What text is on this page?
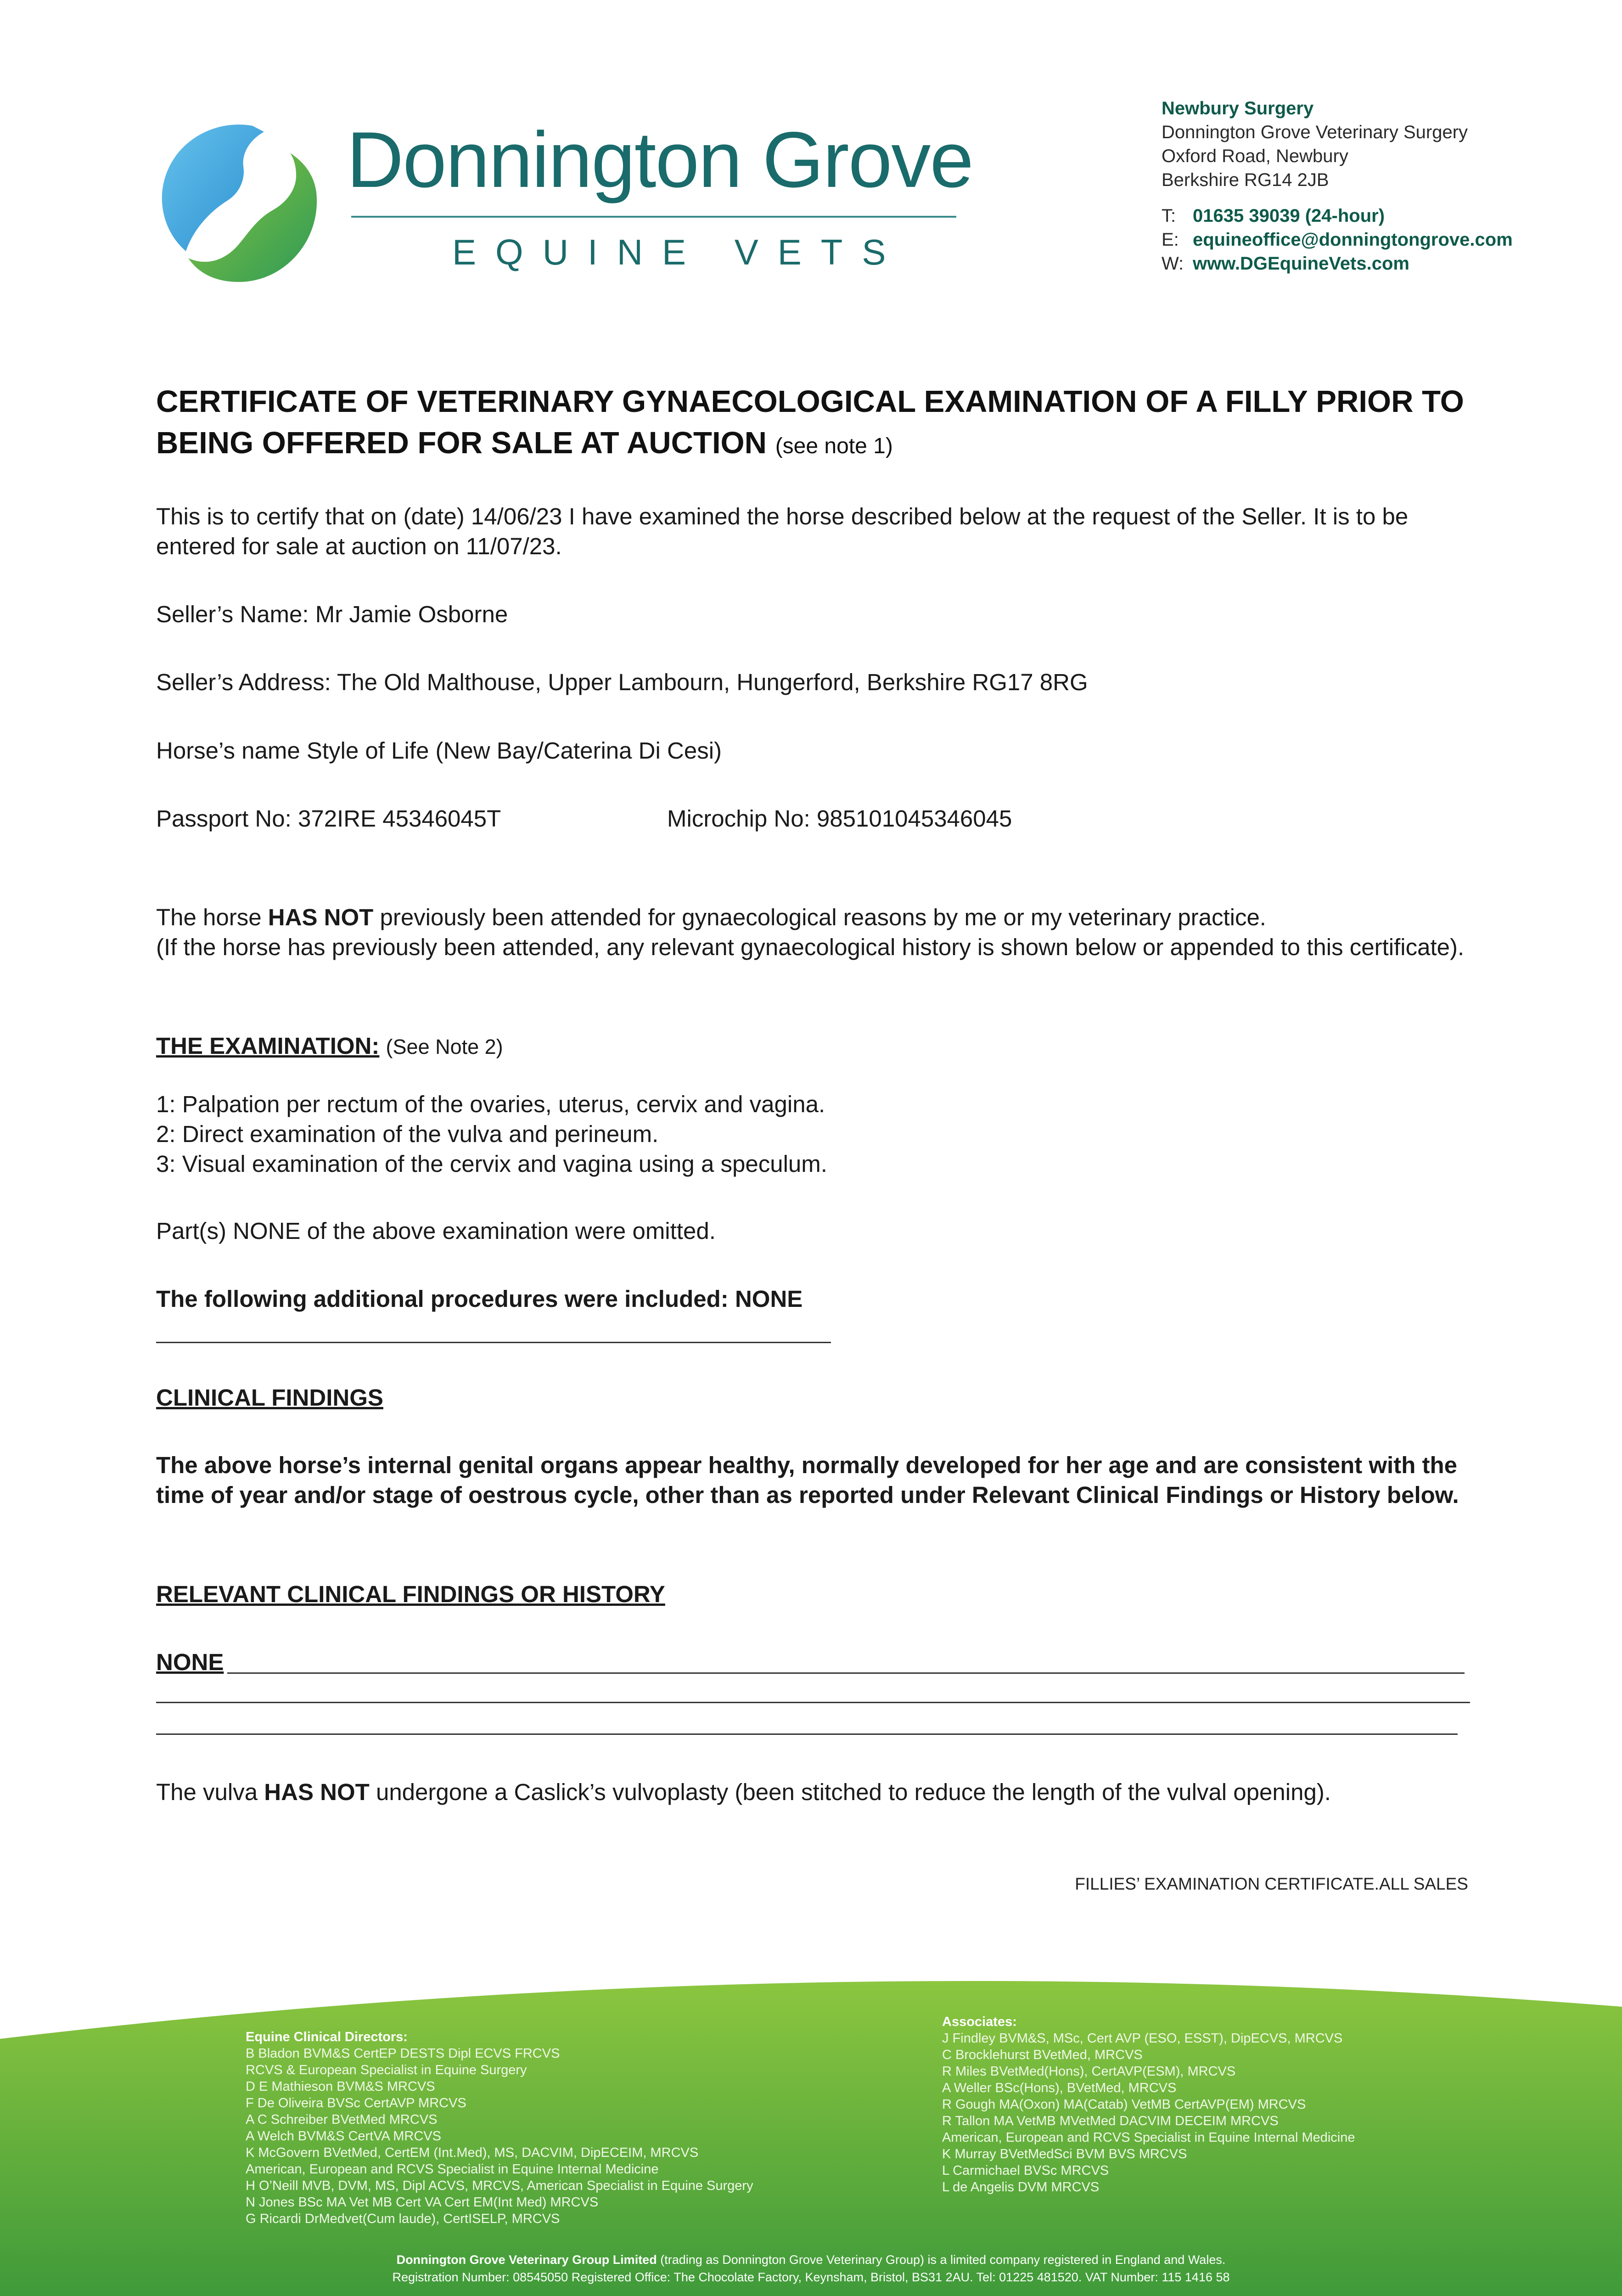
Donnington Grove
EQUINE VETS
Newbury Surgery
Donnington Grove Veterinary Surgery
Oxford Road, Newbury
Berkshire RG14 2JB
T: 01635 39039 (24-hour)
E: equineoffice@donningtongrove.com
W: www.DGEquineVets.com
CERTIFICATE OF VETERINARY GYNAECOLOGICAL EXAMINATION OF A FILLY PRIOR TO BEING OFFERED FOR SALE AT AUCTION (see note 1)
This is to certify that on (date) 14/06/23 I have examined the horse described below at the request of the Seller. It is to be entered for sale at auction on 11/07/23.
Seller’s Name: Mr Jamie Osborne
Seller’s Address: The Old Malthouse, Upper Lambourn, Hungerford, Berkshire RG17 8RG
Horse’s name Style of Life (New Bay/Caterina Di Cesi)
Passport No: 372IRE 45346045T	Microchip No: 985101045346045
The horse HAS NOT previously been attended for gynaecological reasons by me or my veterinary practice.
(If the horse has previously been attended, any relevant gynaecological history is shown below or appended to this certificate).
THE EXAMINATION: (See Note 2)
1: Palpation per rectum of the ovaries, uterus, cervix and vagina.
2: Direct examination of the vulva and perineum.
3: Visual examination of the cervix and vagina using a speculum.
Part(s) NONE of the above examination were omitted.
The following additional procedures were included: NONE
CLINICAL FINDINGS
The above horse’s internal genital organs appear healthy, normally developed for her age and are consistent with the time of year and/or stage of oestrous cycle, other than as reported under Relevant Clinical Findings or History below.
RELEVANT CLINICAL FINDINGS OR HISTORY
NONE
The vulva HAS NOT undergone a Caslick’s vulvoplasty (been stitched to reduce the length of the vulval opening).
FILLIES’ EXAMINATION CERTIFICATE.ALL SALES
Equine Clinical Directors:
B Bladon BVM&S CertEP DESTS Dipl ECVS FRCVS
RCVS & European Specialist in Equine Surgery
D E Mathieson BVM&S MRCVS
F De Oliveira BVSc CertAVP MRCVS
A C Schreiber BVetMed MRCVS
A Welch BVM&S CertVA MRCVS
K McGovern BVetMed, CertEM (Int.Med), MS, DACVIM, DipECEIM, MRCVS
American, European and RCVS Specialist in Equine Internal Medicine
H O’Neill MVB, DVM, MS, Dipl ACVS, MRCVS, American Specialist in Equine Surgery
N Jones BSc MA Vet MB Cert VA Cert EM(Int Med) MRCVS
G Ricardi DrMedvet(Cum laude), CertISELP, MRCVS
Associates:
J Findley BVM&S, MSc, Cert AVP (ESO, ESST), DipECVS, MRCVS
C Brocklehurst BVetMed, MRCVS
R Miles BVetMed(Hons), CertAVP(ESM), MRCVS
A Weller BSc(Hons), BVetMed, MRCVS
R Gough MA(Oxon) MA(Catab) VetMB CertAVP(EM) MRCVS
R Tallon MA VetMB MVetMed DACVIM DECEIM MRCVS
American, European and RCVS Specialist in Equine Internal Medicine
K Murray BVetMedSci BVM BVS MRCVS
L Carmichael BVSc MRCVS
L de Angelis DVM MRCVS
Donnington Grove Veterinary Group Limited (trading as Donnington Grove Veterinary Group) is a limited company registered in England and Wales.
Registration Number: 08545050 Registered Office: The Chocolate Factory, Keynsham, Bristol, BS31 2AU. Tel: 01225 481520. VAT Number: 115 1416 58
